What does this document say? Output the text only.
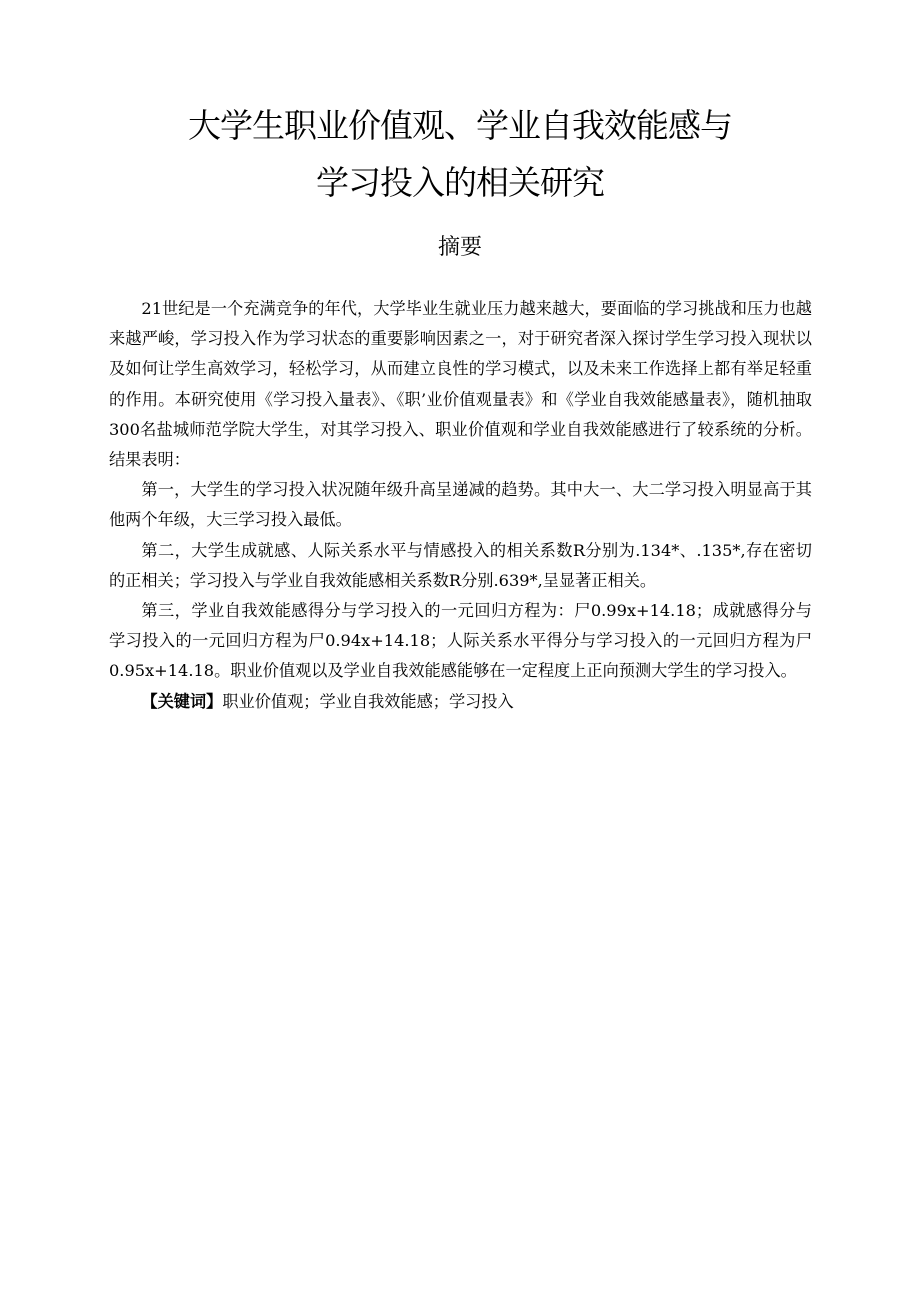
大学生职业价值观、学业自我效能感与
学习投入的相关研究
摘要

21世纪是一个充满竞争的年代，大学毕业生就业压力越来越大，要面临的学习挑战和压力也越来越严峻，学习投入作为学习状态的重要影响因素之一，对于研究者深入探讨学生学习投入现状以及如何让学生高效学习，轻松学习，从而建立良性的学习模式，以及未来工作选择上都有举足轻重的作用。本研究使用《学习投入量表》、《职’业价值观量表》和《学业自我效能感量表》，随机抽取300名盐城师范学院大学生，对其学习投入、职业价值观和学业自我效能感进行了较系统的分析。结果表明：

第一，大学生的学习投入状况随年级升高呈递减的趋势。其中大一、大二学习投入明显高于其他两个年级，大三学习投入最低。

第二，大学生成就感、人际关系水平与情感投入的相关系数R分别为.134*、.135*,存在密切的正相关；学习投入与学业自我效能感相关系数R分别.639*,呈显著正相关。

第三，学业自我效能感得分与学习投入的一元回归方程为：尸0.99x+14.18；成就感得分与学习投入的一元回归方程为尸0.94x+14.18；人际关系水平得分与学习投入的一元回归方程为尸0.95x+14.18。职业价值观以及学业自我效能感能够在一定程度上正向预测大学生的学习投入。

【关键词】职业价值观；学业自我效能感；学习投入
